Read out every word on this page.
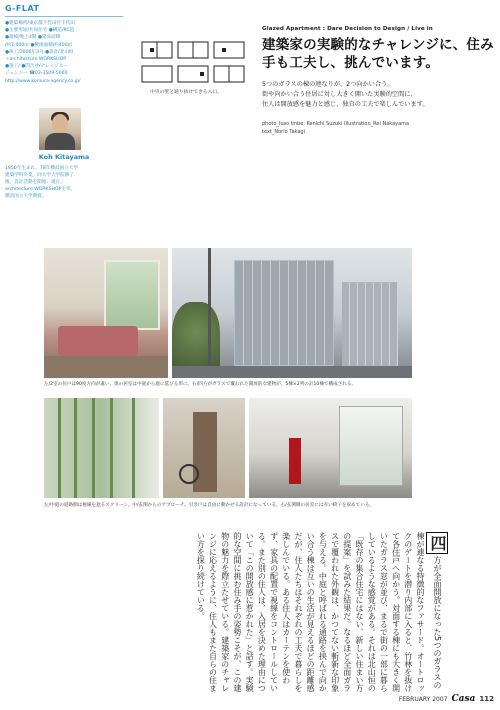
G-FLAT
●建築場所/東京都千代田区千代田
●主要用途/共同住宅 ●構造/RC造
●規模/地上4階 ●延床面積
/約1,000㎡ ●敷地面積/約400㎡
●竣工/2006年3月 ●設計/北山恒
＋architecture WORKSHOP
●施工/ ●問合せ/ナレッジエー
ジェンシー ☎03-3509-5000
http://www.komura-agency.co.jp/
Koh Kitayama
1950年生まれ。78年横浜国立大学
建築学科卒業。同大学大学院修了
後、設計活動を開始。現在、
architecture WORKSHOP主宰。
横浜国立大学教授。
中央の壁と通り抜けできる入口。
Glazed Apartment : Dare Decision to Design / Live in
建築家の実験的なチャレンジに、住み手も工夫し、挑んでいます。
5つのガラスの棟の連なりが、2つ向かい合う。
街や向かい合う住居に対し大きく開いた実験的空間に、
住人は開放感を魅力と感じ、独自の工夫で楽しんでいます。
photo_Isao Imbe, Kenichi Suzuki illustration_Rei Nakayama
text_Norio Takagi
左/2室の住戸は90度方向が違い、奥の居室は中庭から庭に延びる形に。右/四方がガラスで覆われた開放的な建物が、5棟×2列の計10棟で構成される。
左/中庭の道路側は視線を遮るスクリーン。中/玄関からのアプローチ。引き戸は自由に動かせる設計になっている。右/玄関側の居室には赤い椅子を収めている。

四方が全面開放になった5つのガラスの棟が連なる特徴的なファサード。オートロックのゲートを潜り内部に入ると、竹林を抜けて各住戸へ向かう。対面する棟にも大きく開いたガラス窓が並び、まるで街の一部に暮らしているような感覚がある。それは北山恒の「既存の集合住宅にはない、新しい住まい方の提案」を試みた結果だ。なるほど全面ガラスで覆われた外観は、かつてない斬新な印象を与える。中庭と呼ばれる通路を挟んで向かい合う棟は互いの生活が見えるほどの距離感だが、住人たちはそれぞれの工夫で暮らしを楽しんでいる。ある住人はカーテンを使わず、家具の配置で視線をコントロールしている。また別の住人は、入居を決めた理由について「この開放感に惹かれた」と話す。実験的な空間に挑む住み手の姿勢こそが、この建物の魅力を際立たせている。建築家のチャレンジに応えるように、住人もまた自らの住まい方を探り続けている。

FEBRUARY 2007 Casa 112
